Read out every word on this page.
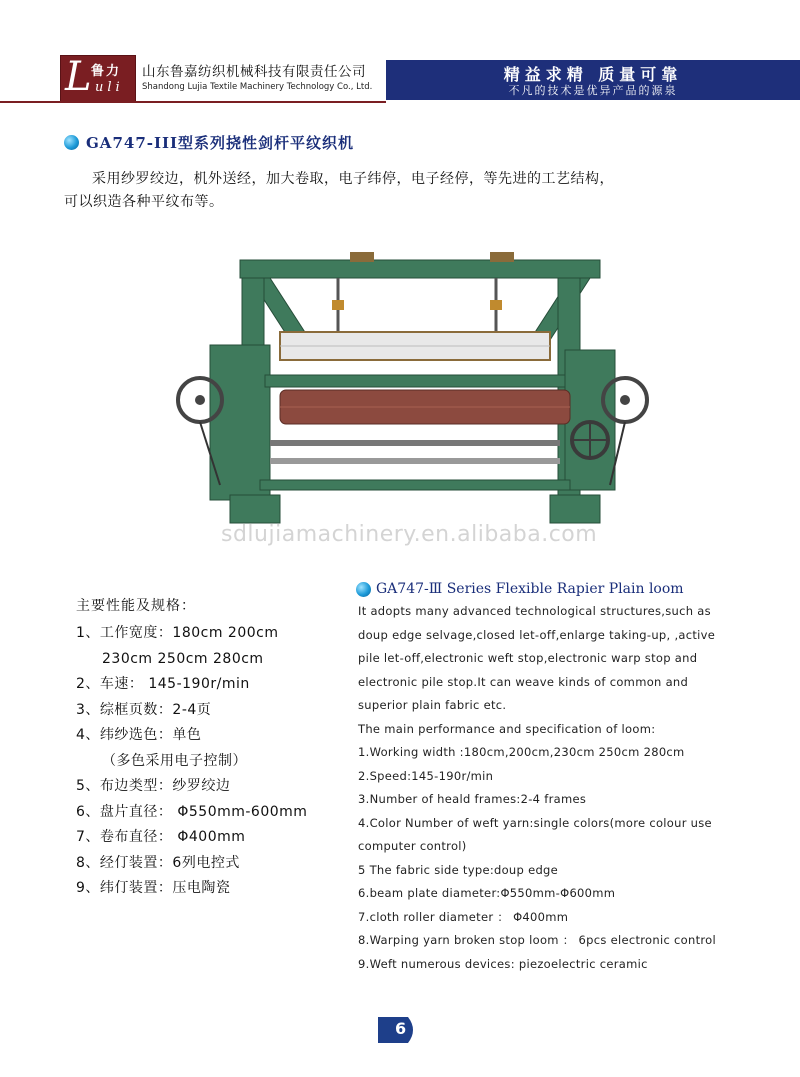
L 鲁力
uli
山东鲁嘉纺织机械科技有限责任公司
Shandong Lujia Textile Machinery Technology Co., Ltd.
精益求精 质量可靠
不凡的技术是优异产品的源泉
GA747-III型系列挠性剑杆平纹织机

采用纱罗绞边，机外送经，加大卷取，电子纬停，电子经停，等先进的工艺结构，

可以织造各种平纹布等。

sdlujiamachinery.en.alibaba.com
主要性能及规格：
1、工作宽度：180cm 200cm
230cm 250cm 280cm
2、车速： 145-190r/min
3、综框页数：2-4页
4、纬纱选色：单色
（多色采用电子控制）
5、布边类型：纱罗绞边
6、盘片直径： Φ550mm-600mm
7、卷布直径： Φ400mm
8、经仃装置：6列电控式
9、纬仃装置：压电陶瓷
GA747-Ⅲ Series Flexible Rapier Plain loom
It adopts many advanced technological structures,such as
doup edge selvage,closed let-off,enlarge taking-up, ,active
pile let-off,electronic weft stop,electronic warp stop and
electronic pile stop.It can weave kinds of common and
superior plain fabric etc.
The main performance and specification of loom:
1.Working width :180cm,200cm,230cm 250cm 280cm
2.Speed:145-190r/min
3.Number of heald frames:2-4 frames
4.Color Number of weft yarn:single colors(more colour use
computer control)
5 The fabric side type:doup edge
6.beam plate diameter:Φ550mm-Φ600mm
7.cloth roller diameter ： Φ400mm
8.Warping yarn broken stop loom ： 6pcs electronic control
9.Weft numerous devices: piezoelectric ceramic
6
